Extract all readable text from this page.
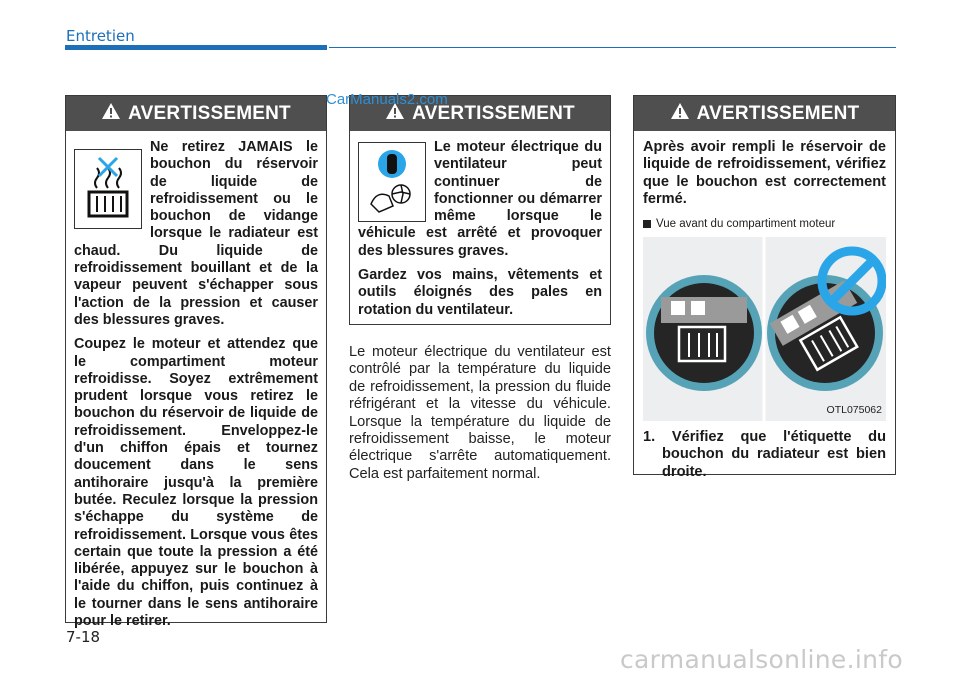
Entretien
CarManuals2.com
AVERTISSEMENT

Ne retirez JAMAIS le bouchon du réservoir de liquide de refroidissement ou le bouchon de vidange lorsque le radiateur est chaud. Du liquide de refroidissement bouillant et de la vapeur peuvent s'échapper sous l'action de la pression et causer des blessures graves.

Coupez le moteur et attendez que le compartiment moteur refroidisse. Soyez extrêmement prudent lorsque vous retirez le bouchon du réservoir de liquide de refroidissement. Enveloppez-le d'un chiffon épais et tournez doucement dans le sens antihoraire jusqu'à la première butée. Reculez lorsque la pression s'échappe du système de refroidissement. Lorsque vous êtes certain que toute la pression a été libérée, appuyez sur le bouchon à l'aide du chiffon, puis continuez à le tourner dans le sens antihoraire pour le retirer.

AVERTISSEMENT

Le moteur électrique du ventilateur peut continuer de fonctionner ou démarrer même lorsque le véhicule est arrêté et provoquer des blessures graves.

Gardez vos mains, vêtements et outils éloignés des pales en rotation du ventilateur.

Le moteur électrique du ventilateur est contrôlé par la température du liquide de refroidissement, la pression du fluide réfrigérant et la vitesse du véhicule. Lorsque la température du liquide de refroidissement baisse, le moteur électrique s'arrête automatiquement. Cela est parfaitement normal.
AVERTISSEMENT

Après avoir rempli le réservoir de liquide de refroidissement, vérifiez que le bouchon est correctement fermé.

Vue avant du compartiment moteur
OTL075062
1. Vérifiez que l'étiquette du bouchon du radiateur est bien droite.
7-18
carmanualsonline.info
